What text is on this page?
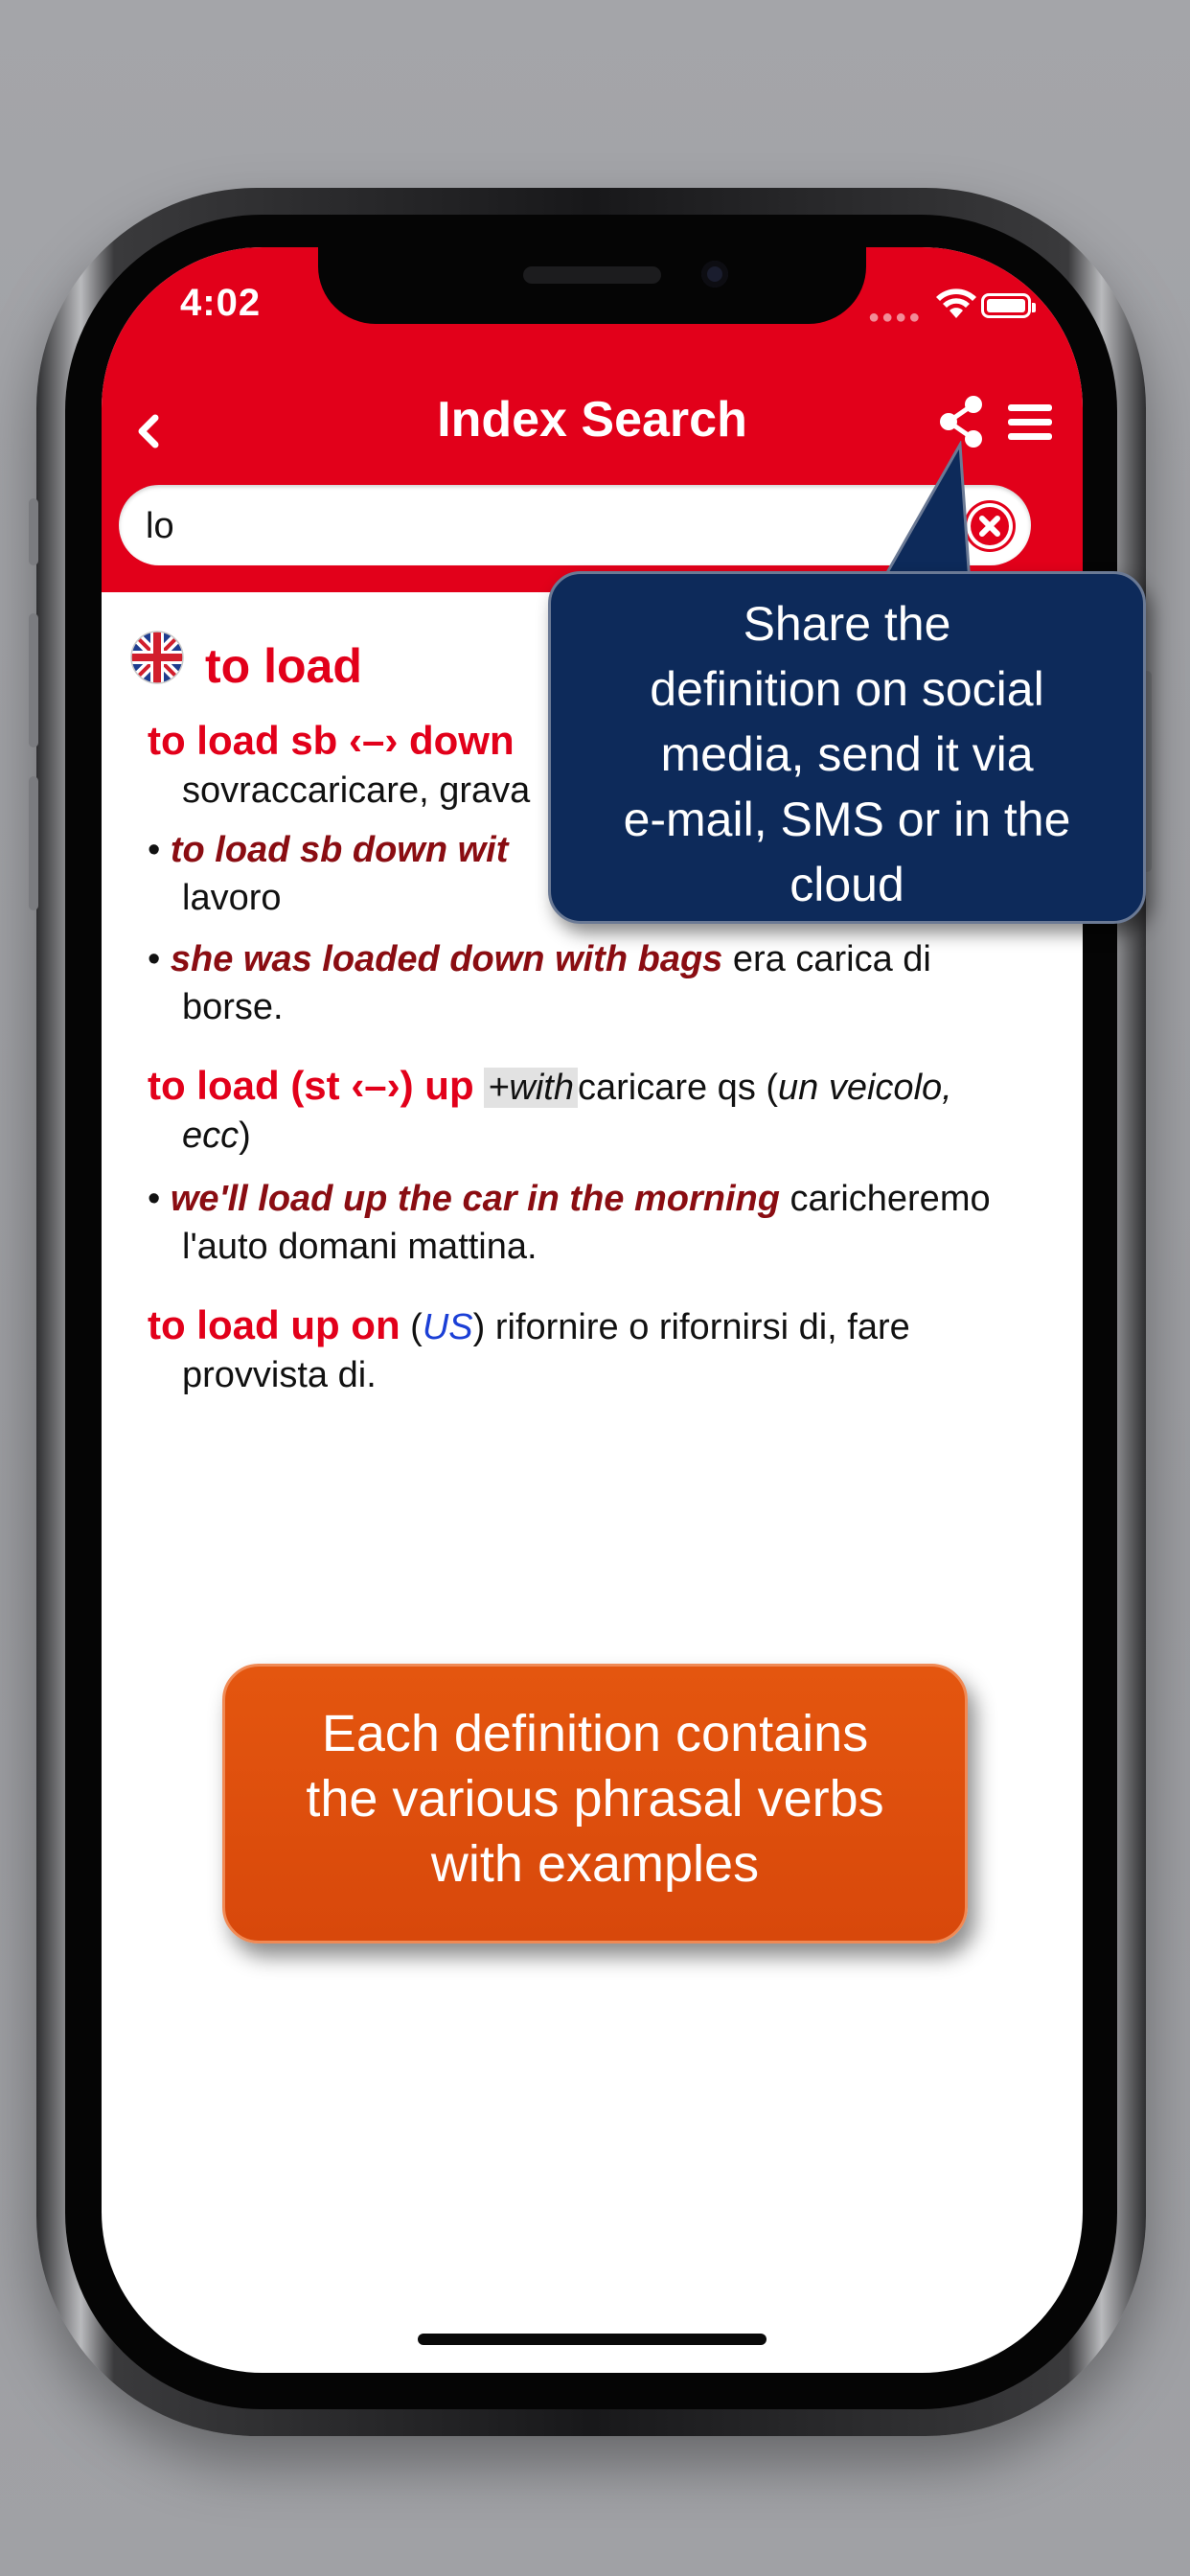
4:02	●●●●
Index Search
lo
to load
to load sb ‹–› down
sovraccaricare, grava
• to load sb down wit
lavoro
• she was loaded down with bags era carica di
borse.
to load (st ‹–›) up +with caricare qs (un veicolo,
ecc)
• we'll load up the car in the morning caricheremo
l'auto domani mattina.
to load up on (US) rifornire o rifornirsi di, fare
provvista di.
Share the
definition on social
media, send it via
e-mail, SMS or in the
cloud
Each definition contains
the various phrasal verbs
with examples
